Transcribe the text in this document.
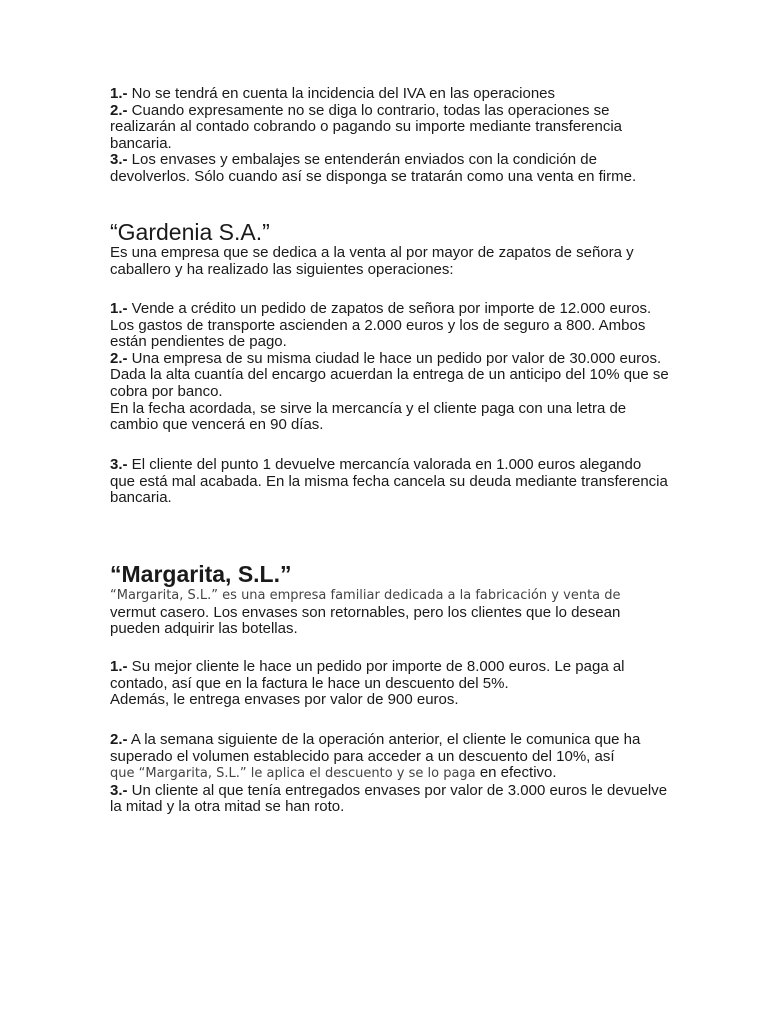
1.- No se tendrá en cuenta la incidencia del IVA en las operaciones

2.- Cuando expresamente no se diga lo contrario, todas las operaciones se realizarán al contado cobrando o pagando su importe mediante transferencia bancaria.

3.- Los envases y embalajes se entenderán enviados con la condición de devolverlos. Sólo cuando así se disponga se tratarán como una venta en firme.

“Gardenia S.A.”

Es una empresa que se dedica a la venta al por mayor de zapatos de señora y caballero y ha realizado las siguientes operaciones:

1.- Vende a crédito un pedido de zapatos de señora por importe de 12.000 euros. Los gastos de transporte ascienden a 2.000 euros y los de seguro a 800. Ambos están pendientes de pago.

2.- Una empresa de su misma ciudad le hace un pedido por valor de 30.000 euros. Dada la alta cuantía del encargo acuerdan la entrega de un anticipo del 10% que se cobra por banco.

En la fecha acordada, se sirve la mercancía y el cliente paga con una letra de cambio que vencerá en 90 días.

3.- El cliente del punto 1 devuelve mercancía valorada en 1.000 euros alegando que está mal acabada. En la misma fecha cancela su deuda mediante transferencia bancaria.

“Margarita, S.L.”

“Margarita, S.L.” es una empresa familiar dedicada a la fabricación y venta de
vermut casero. Los envases son retornables, pero los clientes que lo desean pueden adquirir las botellas.

1.- Su mejor cliente le hace un pedido por importe de 8.000 euros. Le paga al contado, así que en la factura le hace un descuento del 5%.

Además, le entrega envases por valor de 900 euros.

2.- A la semana siguiente de la operación anterior, el cliente le comunica que ha superado el volumen establecido para acceder a un descuento del 10%, así
que “Margarita, S.L.” le aplica el descuento y se lo paga en efectivo.

3.- Un cliente al que tenía entregados envases por valor de 3.000 euros le devuelve la mitad y la otra mitad se han roto.
